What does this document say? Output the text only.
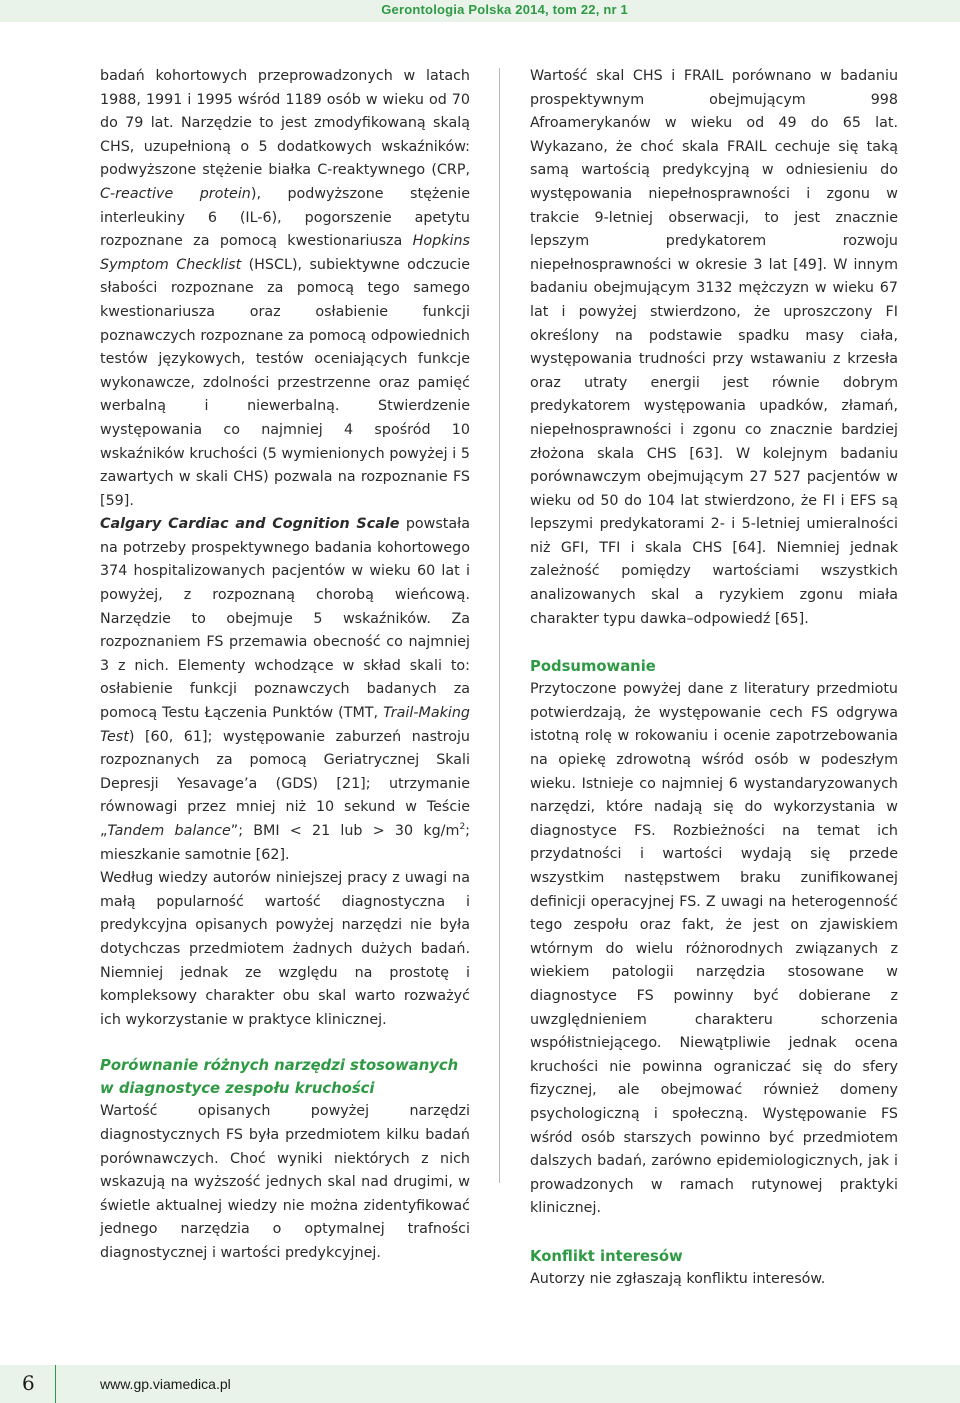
Gerontologia Polska 2014, tom 22, nr 1

badań kohortowych przeprowadzonych w latach 1988, 1991 i 1995 wśród 1189 osób w wieku od 70 do 79 lat. Narzędzie to jest zmodyfikowaną skalą CHS, uzupełnioną o 5 dodatkowych wskaźników: podwyższone stężenie białka C-reaktywnego (CRP, C-reactive protein), podwyższone stężenie interleukiny 6 (IL-6), pogorszenie apetytu rozpoznane za pomocą kwestionariusza Hopkins Symptom Checklist (HSCL), subiektywne odczucie słabości rozpoznane za pomocą tego samego kwestionariusza oraz osłabienie funkcji poznawczych rozpoznane za pomocą odpowiednich testów językowych, testów oceniających funkcje wykonawcze, zdolności przestrzenne oraz pamięć werbalną i niewerbalną. Stwierdzenie występowania co najmniej 4 spośród 10 wskaźników kruchości (5 wymienionych powyżej i 5 zawartych w skali CHS) pozwala na rozpoznanie FS [59].

Calgary Cardiac and Cognition Scale powstała na potrzeby prospektywnego badania kohortowego 374 hospitalizowanych pacjentów w wieku 60 lat i powyżej, z rozpoznaną chorobą wieńcową. Narzędzie to obejmuje 5 wskaźników. Za rozpoznaniem FS przemawia obecność co najmniej 3 z nich. Elementy wchodzące w skład skali to: osłabienie funkcji poznawczych badanych za pomocą Testu Łączenia Punktów (TMT, Trail-Making Test) [60, 61]; występowanie zaburzeń nastroju rozpoznanych za pomocą Geriatrycznej Skali Depresji Yesavage’a (GDS) [21]; utrzymanie równowagi przez mniej niż 10 sekund w Teście „Tandem balance”; BMI < 21 lub > 30 $kg/m^2$; mieszkanie samotnie [62].

Według wiedzy autorów niniejszej pracy z uwagi na małą popularność wartość diagnostyczna i predykcyjna opisanych powyżej narzędzi nie była dotychczas przedmiotem żadnych dużych badań. Niemniej jednak ze względu na prostotę i kompleksowy charakter obu skal warto rozważyć ich wykorzystanie w praktyce klinicznej.

Porównanie różnych narzędzi stosowanych w diagnostyce zespołu kruchości

Wartość opisanych powyżej narzędzi diagnostycznych FS była przedmiotem kilku badań porównawczych. Choć wyniki niektórych z nich wskazują na wyższość jednych skal nad drugimi, w świetle aktualnej wiedzy nie można zidentyfikować jednego narzędzia o optymalnej trafności diagnostycznej i wartości predykcyjnej.

Wartość skal CHS i FRAIL porównano w badaniu prospektywnym obejmującym 998 Afroamerykanów w wieku od 49 do 65 lat. Wykazano, że choć skala FRAIL cechuje się taką samą wartością predykcyjną w odniesieniu do występowania niepełnosprawności i zgonu w trakcie 9-letniej obserwacji, to jest znacznie lepszym predykatorem rozwoju niepełnosprawności w okresie 3 lat [49]. W innym badaniu obejmującym 3132 mężczyzn w wieku 67 lat i powyżej stwierdzono, że uproszczony FI określony na podstawie spadku masy ciała, występowania trudności przy wstawaniu z krzesła oraz utraty energii jest równie dobrym predykatorem występowania upadków, złamań, niepełnosprawności i zgonu co znacznie bardziej złożona skala CHS [63]. W kolejnym badaniu porównawczym obejmującym 27 527 pacjentów w wieku od 50 do 104 lat stwierdzono, że FI i EFS są lepszymi predykatorami 2- i 5-letniej umieralności niż GFI, TFI i skala CHS [64]. Niemniej jednak zależność pomiędzy wartościami wszystkich analizowanych skal a ryzykiem zgonu miała charakter typu dawka–odpowiedź [65].

Podsumowanie

Przytoczone powyżej dane z literatury przedmiotu potwierdzają, że występowanie cech FS odgrywa istotną rolę w rokowaniu i ocenie zapotrzebowania na opiekę zdrowotną wśród osób w podeszłym wieku. Istnieje co najmniej 6 wystandaryzowanych narzędzi, które nadają się do wykorzystania w diagnostyce FS. Rozbieżności na temat ich przydatności i wartości wydają się przede wszystkim następstwem braku zunifikowanej definicji operacyjnej FS. Z uwagi na heterogenność tego zespołu oraz fakt, że jest on zjawiskiem wtórnym do wielu różnorodnych związanych z wiekiem patologii narzędzia stosowane w diagnostyce FS powinny być dobierane z uwzględnieniem charakteru schorzenia współistniejącego. Niewątpliwie jednak ocena kruchości nie powinna ograniczać się do sfery fizycznej, ale obejmować również domeny psychologiczną i społeczną. Występowanie FS wśród osób starszych powinno być przedmiotem dalszych badań, zarówno epidemiologicznych, jak i prowadzonych w ramach rutynowej praktyki klinicznej.

Konflikt interesów

Autorzy nie zgłaszają konfliktu interesów.

6	www.gp.viamedica.pl
